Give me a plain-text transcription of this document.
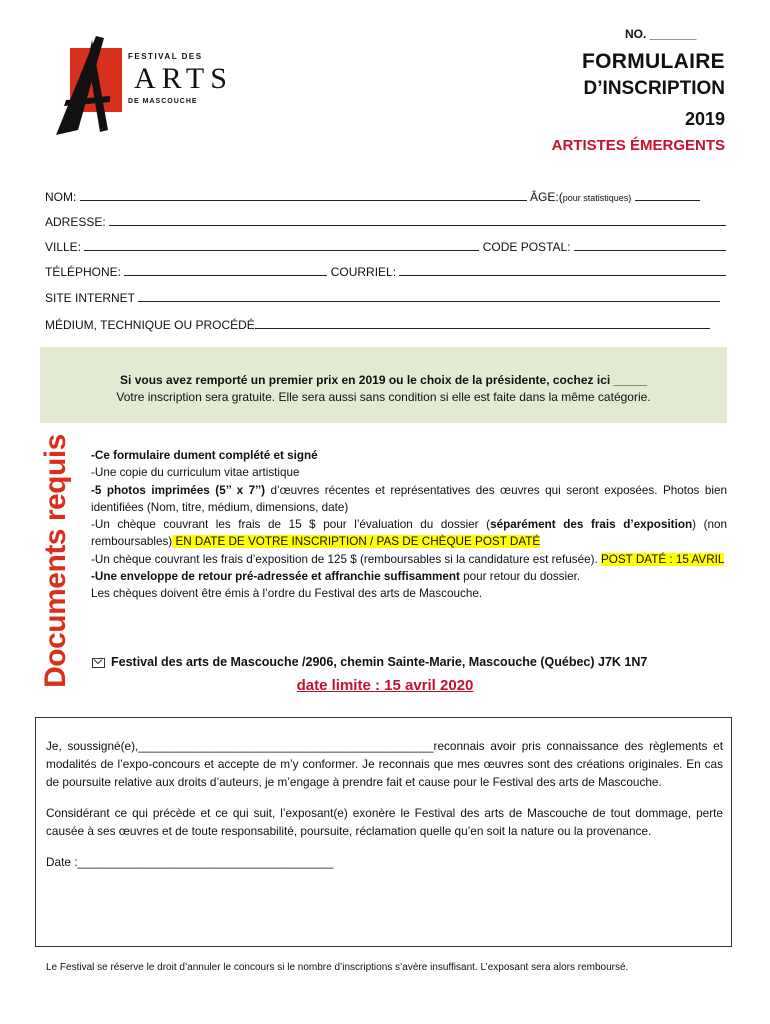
FESTIVAL DES
ARTS
DE MASCOUCHE
NO. _______
FORMULAIRE
D’INSCRIPTION
2019
ARTISTES ÉMERGENTS
NOM:	ÂGE:(pour statistiques)
ADRESSE:
VILLE:	CODE POSTAL:
TÉLÉPHONE:	COURRIEL:
SITE INTERNET
MÉDIUM, TECHNIQUE OU PROCÉDÉ
Si vous avez remporté un premier prix en 2019 ou le choix de la présidente, cochez ici _____
Votre inscription sera gratuite. Elle sera aussi sans condition si elle est faite dans la même catégorie.
Documents requis -Ce formulaire dument complété et signé

-Une copie du curriculum vitae artistique

-5 photos imprimées (5’’ x 7’’) d’œuvres récentes et représentatives des œuvres qui seront exposées. Photos bien identifiées (Nom, titre, médium, dimensions, date)

-Un chèque couvrant les frais de 15 $ pour l’évaluation du dossier (séparément des frais d’exposition) (non remboursables) EN DATE DE VOTRE INSCRIPTION / PAS DE CHÈQUE POST DATÉ

-Un chèque couvrant les frais d’exposition de 125 $ (remboursables si la candidature est refusée). POST DATÉ : 15 AVRIL

-Une enveloppe de retour pré-adressée et affranchie suffisamment pour retour du dossier.

Les chèques doivent être émis à l’ordre du Festival des arts de Mascouche.

Festival des arts de Mascouche /2906, chemin Sainte-Marie, Mascouche (Québec) J7K 1N7
date limite : 15 avril 2020

Je, soussigné(e),_____________________________________________reconnais avoir pris connaissance des règlements et modalités de l’expo-concours et accepte de m’y conformer. Je reconnais que mes œuvres sont des créations originales. En cas de poursuite relative aux droits d’auteurs, je m’engage à prendre fait et cause pour le Festival des arts de Mascouche.

Considérant ce qui précède et ce qui suit, l’exposant(e) exonère le Festival des arts de Mascouche de tout dommage, perte causée à ses œuvres et de toute responsabilité, poursuite, réclamation quelle qu’en soit la nature ou la provenance.

Date :_______________________________________

Le Festival se réserve le droit d’annuler le concours si le nombre d’inscriptions s’avère insuffisant. L’exposant sera alors remboursé.
